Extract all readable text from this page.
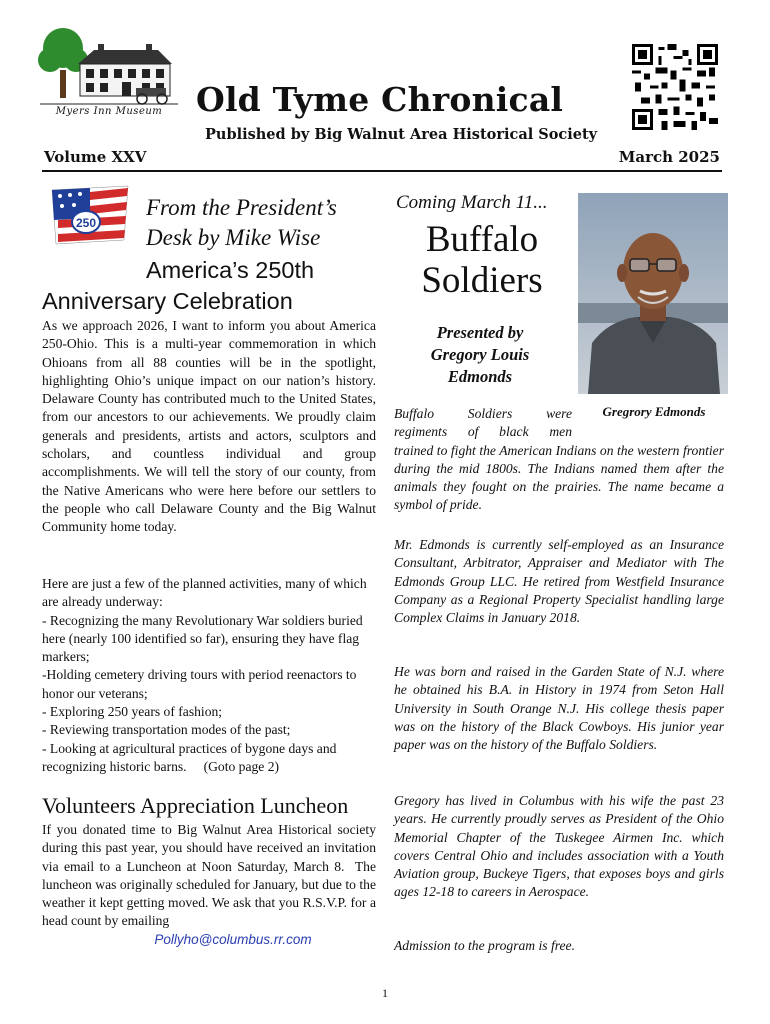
Myers Inn Museum	Old Tyme Chronical
Published by Big Walnut Area Historical Society
Volume XXV	March 2025
250
From the President’s
Desk by Mike Wise
America’s 250th
Anniversary Celebration

As we approach 2026, I want to inform you about America 250-Ohio. This is a multi-year commemoration in which Ohioans from all 88 counties will be in the spotlight, highlighting Ohio’s unique impact on our nation’s history. Delaware County has contributed much to the United States, from our ancestors to our achievements. We proudly claim generals and presidents, artists and actors, sculptors and scholars, and countless individual and group accomplishments. We will tell the story of our county, from the Native Americans who were here before our settlers to the people who call Delaware County and the Big Walnut Community home today.

Here are just a few of the planned activities, many of which are already underway:
- Recognizing the many Revolutionary War soldiers buried here (nearly 100 identified so far), ensuring they have flag markers;
-Holding cemetery driving tours with period reenactors to honor our veterans;
- Exploring 250 years of fashion;
- Reviewing transportation modes of the past;
- Looking at agricultural practices of bygone days and recognizing historic barns.     (Goto page 2)
Volunteers Appreciation Luncheon
If you donated time to Big Walnut Area Historical society during this past year, you should have received an invitation via email to a Luncheon at Noon Saturday, March 8.  The luncheon was originally scheduled for January, but due to the weather it kept getting moved. We ask that you R.S.V.P. for a head count by emailing
Pollyho@columbus.rr.com
Coming March 11...
Buffalo
Soldiers
Presented by
Gregory Louis
Edmonds
Gregrory Edmonds
Buffalo Soldiers were
regiments of black men
trained to fight the American Indians on the western frontier during the mid 1800s. The Indians named them after the animals they fought on the prairies. The name became a symbol of pride.

Mr. Edmonds is currently self-employed as an Insurance Consultant, Arbitrator, Appraiser and Mediator with The Edmonds Group LLC. He retired from Westfield Insurance Company as a Regional Property Specialist handling large Complex Claims in January 2018.

He was born and raised in the Garden State of N.J. where he obtained his B.A. in History in 1974 from Seton Hall University in South Orange N.J. His college thesis paper was on the history of the Black Cowboys. His junior year paper was on the history of the Buffalo Soldiers.

Gregory has lived in Columbus with his wife the past 23 years. He currently proudly serves as President of the Ohio Memorial Chapter of the Tuskegee Airmen Inc. which covers Central Ohio and includes association with a Youth Aviation group, Buckeye Tigers, that exposes boys and girls ages 12-18 to careers in Aerospace.

Admission to the program is free.

1
